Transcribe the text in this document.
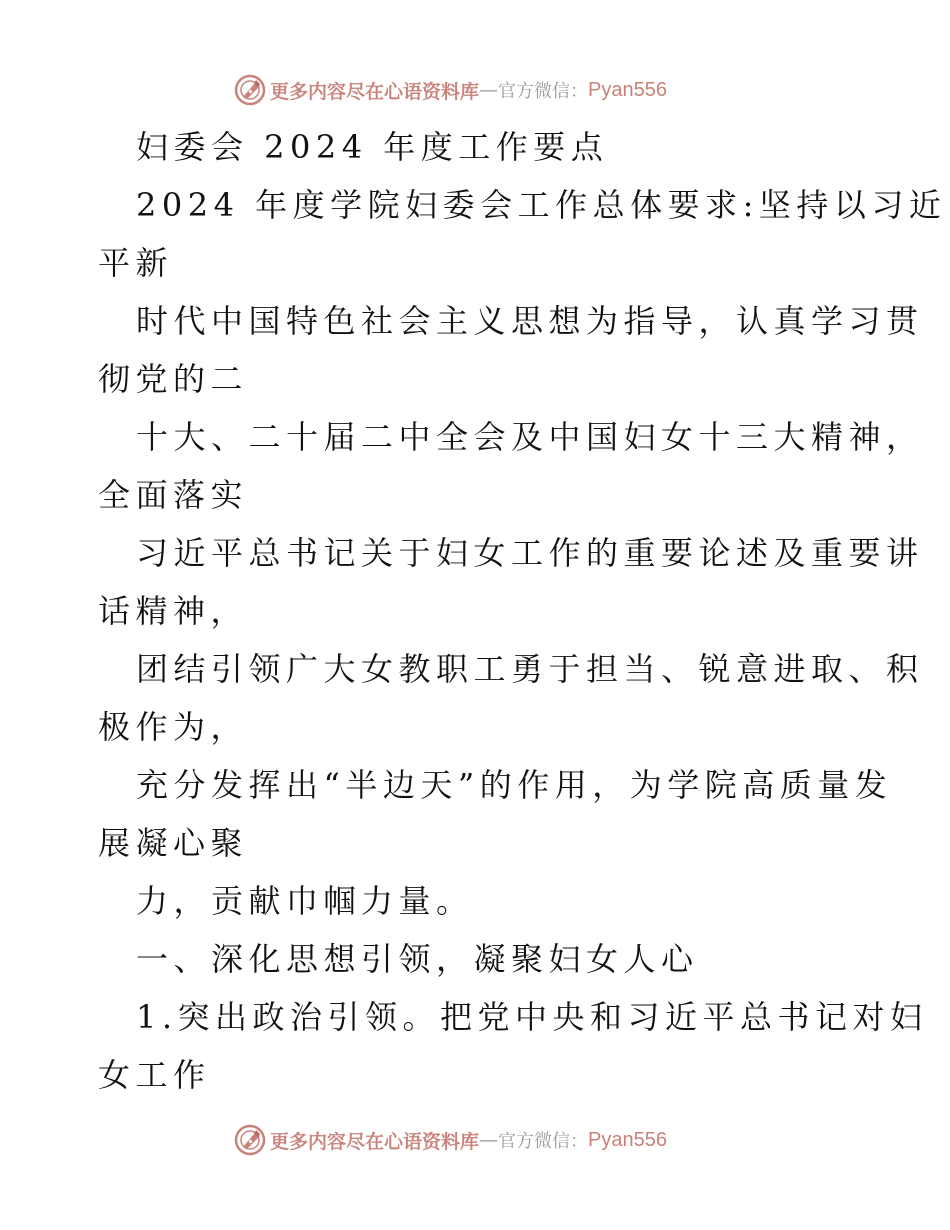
更多内容尽在心语资料库 — 官方微信： Pyan556
妇委会 2024 年度工作要点
2024 年度学院妇委会工作总体要求:坚持以习近
平新
时代中国特色社会主义思想为指导，认真学习贯
彻党的二
十大、二十届二中全会及中国妇女十三大精神，
全面落实
习近平总书记关于妇女工作的重要论述及重要讲
话精神，
团结引领广大女教职工勇于担当、锐意进取、积
极作为，
充分发挥出“半边天”的作用，为学院高质量发
展凝心聚
力，贡献巾帼力量。
一、深化思想引领，凝聚妇女人心
1.突出政治引领。把党中央和习近平总书记对妇
女工作
更多内容尽在心语资料库 — 官方微信： Pyan556
